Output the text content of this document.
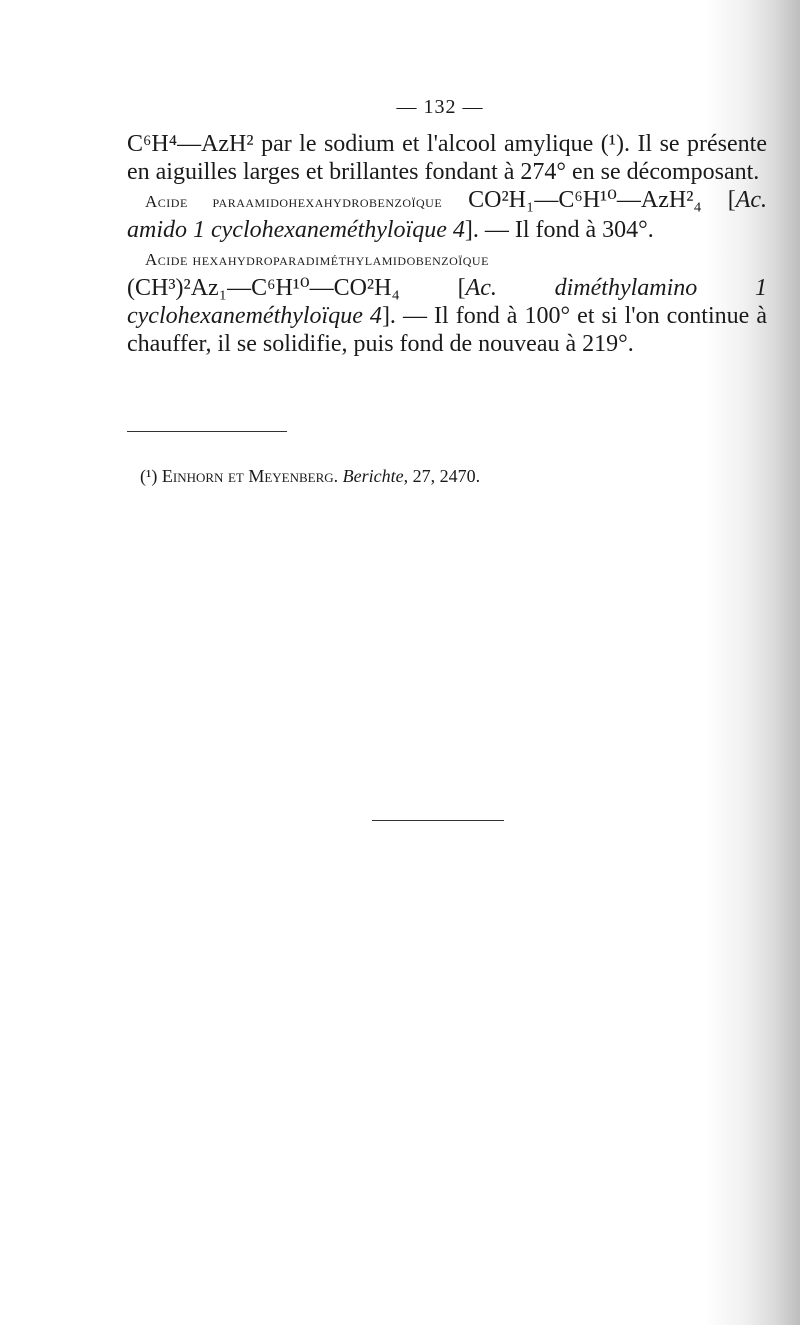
— 132 —

C⁶H⁴—AzH² par le sodium et l'alcool amylique (¹). Il se présente en aiguilles larges et brillantes fondant à 274° en se décomposant.

Acide paraamidohexahydrobenzoïque CO²H₁—C⁶H¹⁰—AzH²₄ [Ac. amido 1 cyclohexaneméthyloïque 4]. — Il fond à 304°.

Acide hexahydroparadiméthylamidobenzoïque
(CH³)²Az₁—C⁶H¹⁰—CO²H₄ [Ac. diméthylamino 1 cyclohexaneméthyloïque 4]. — Il fond à 100° et si l'on continue à chauffer, il se solidifie, puis fond de nouveau à 219°.

(¹) Einhorn et Meyenberg. Berichte, 27, 2470.
